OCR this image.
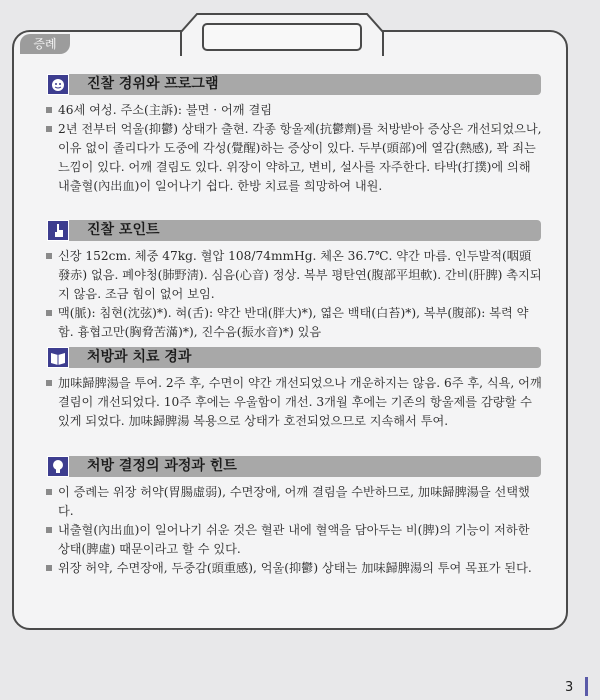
증례
진찰 경위와 프로그램
46세 여성. 주소(主訴): 불면 · 어깨 결림
2년 전부터 억울(抑鬱) 상태가 출현. 각종 항울제(抗鬱劑)를 처방받아 증상은 개선되었으나, 이유 없이 졸리다가 도중에 각성(覺醒)하는 증상이 있다. 두부(頭部)에 열감(熱感), 꽉 죄는 느낌이 있다. 어깨 결림도 있다. 위장이 약하고, 변비, 설사를 자주한다. 타박(打撲)에 의해 내출혈(內出血)이 일어나기 쉽다. 한방 치료를 희망하여 내원.
진찰 포인트
신장 152cm. 체중 47kg. 혈압 108/74mmHg. 체온 36.7℃. 약간 마름. 인두발적(咽頭發赤) 없음. 폐야청(肺野淸). 심음(心音) 정상. 복부 평탄연(腹部平坦軟). 간비(肝脾) 촉지되지 않음. 조금 힘이 없어 보임.
맥(脈): 침현(沈弦)*). 혀(舌): 약간 반대(胖大)*), 엷은 백태(白苔)*), 복부(腹部): 복력 약함. 흉협고만(胸脅苦滿)*), 진수음(振水音)*) 있음
처방과 치료 경과
加味歸脾湯을 투여. 2주 후, 수면이 약간 개선되었으나 개운하지는 않음. 6주 후, 식욕, 어깨 결림이 개선되었다. 10주 후에는 우울함이 개선. 3개월 후에는 기존의 항울제를 감량할 수 있게 되었다. 加味歸脾湯 복용으로 상태가 호전되었으므로 지속해서 투여.
처방 결정의 과정과 힌트
이 증례는 위장 허약(胃腸虛弱), 수면장애, 어깨 결림을 수반하므로, 加味歸脾湯을 선택했다.
내출혈(內出血)이 일어나기 쉬운 것은 혈관 내에 혈액을 담아두는 비(脾)의 기능이 저하한 상태(脾虛) 때문이라고 할 수 있다.
위장 허약, 수면장애, 두중감(頭重感), 억울(抑鬱) 상태는 加味歸脾湯의 투여 목표가 된다.
3
